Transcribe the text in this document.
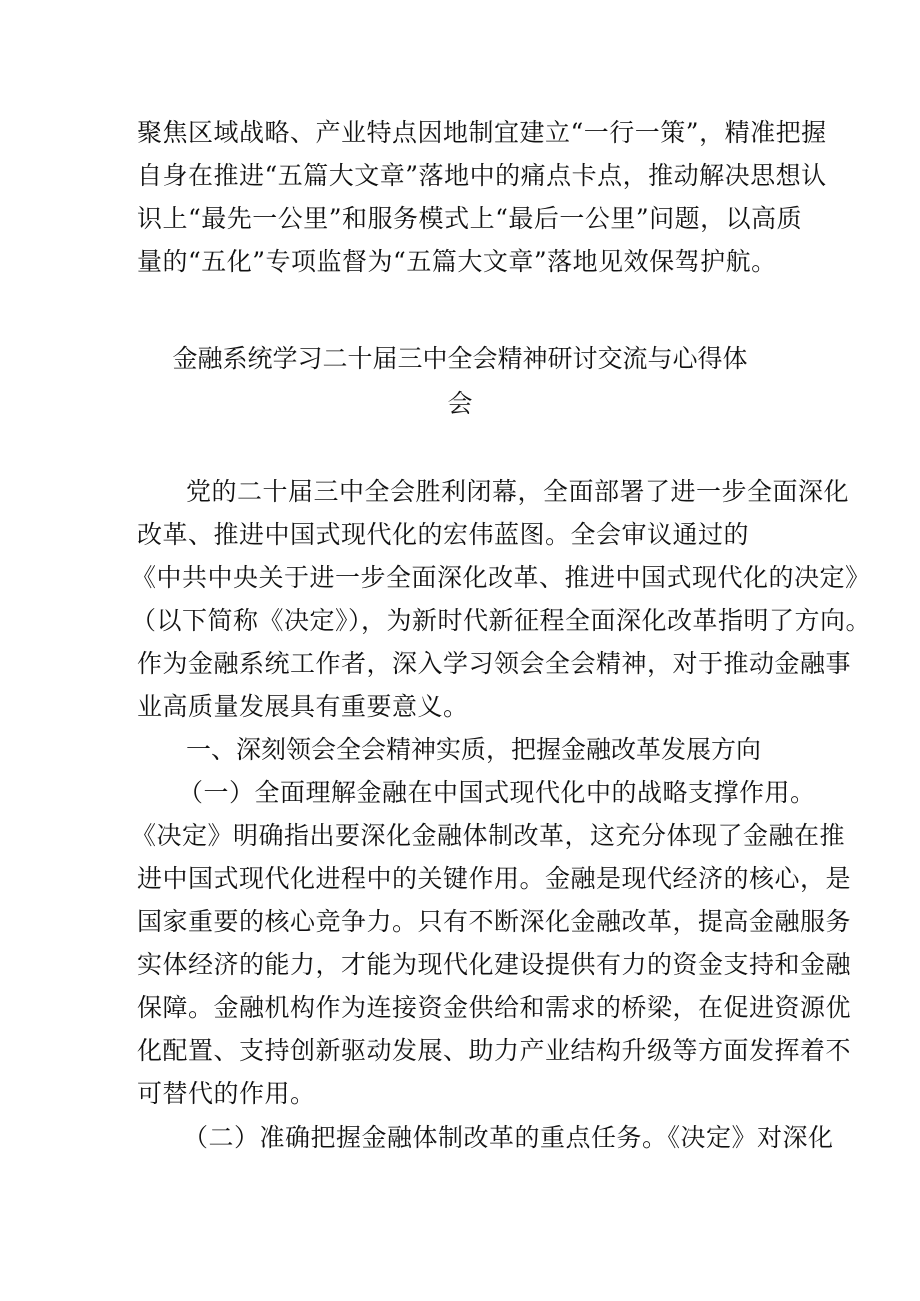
聚焦区域战略、产业特点因地制宜建立“一行一策”，精准把握
自身在推进“五篇大文章”落地中的痛点卡点，推动解决思想认
识上“最先一公里”和服务模式上“最后一公里”问题，以高质
量的“五化”专项监督为“五篇大文章”落地见效保驾护航。
金融系统学习二十届三中全会精神研讨交流与心得体
会
党的二十届三中全会胜利闭幕，全面部署了进一步全面深化
改革、推进中国式现代化的宏伟蓝图。全会审议通过的
《中共中央关于进一步全面深化改革、推进中国式现代化的决定》
（以下简称《决定》），为新时代新征程全面深化改革指明了方向。
作为金融系统工作者，深入学习领会全会精神，对于推动金融事
业高质量发展具有重要意义。
一、深刻领会全会精神实质，把握金融改革发展方向
（一）全面理解金融在中国式现代化中的战略支撑作用。
《决定》明确指出要深化金融体制改革，这充分体现了金融在推
进中国式现代化进程中的关键作用。金融是现代经济的核心，是
国家重要的核心竞争力。只有不断深化金融改革，提高金融服务
实体经济的能力，才能为现代化建设提供有力的资金支持和金融
保障。金融机构作为连接资金供给和需求的桥梁，在促进资源优
化配置、支持创新驱动发展、助力产业结构升级等方面发挥着不
可替代的作用。
（二）准确把握金融体制改革的重点任务。《决定》对深化
